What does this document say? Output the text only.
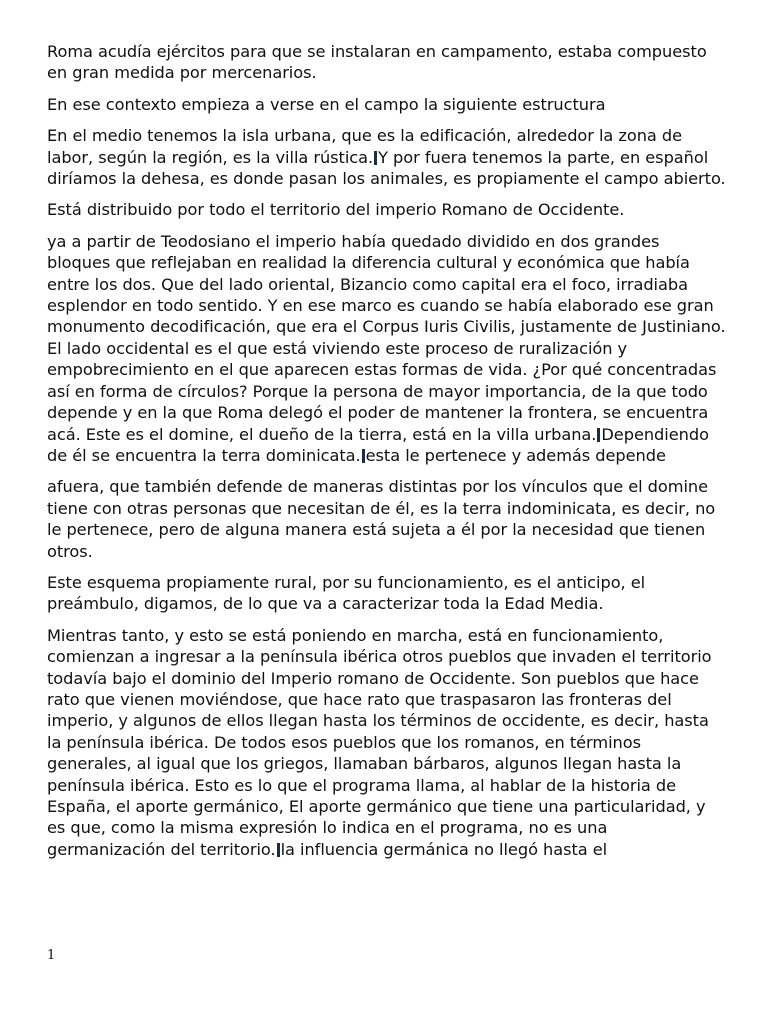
Roma acudía ejércitos para que se instalaran en campamento, estaba compuesto en gran medida por mercenarios.

En ese contexto empieza a verse en el campo la siguiente estructura

En el medio tenemos la isla urbana, que es la edificación, alrededor la zona de labor, según la región, es la villa rústica. Y por fuera tenemos la parte, en español diríamos la dehesa, es donde pasan los animales, es propiamente el campo abierto.

Está distribuido por todo el territorio del imperio Romano de Occidente.

ya a partir de Teodosiano el imperio había quedado dividido en dos grandes bloques que reflejaban en realidad la diferencia cultural y económica que había entre los dos. Que del lado oriental, Bizancio como capital era el foco, irradiaba esplendor en todo sentido. Y en ese marco es cuando se había elaborado ese gran monumento decodificación, que era el Corpus Iuris Civilis, justamente de Justiniano. El lado occidental es el que está viviendo este proceso de ruralización y empobrecimiento en el que aparecen estas formas de vida. ¿Por qué concentradas así en forma de círculos? Porque la persona de mayor importancia, de la que todo depende y en la que Roma delegó el poder de mantener la frontera, se encuentra acá. Este es el domine, el dueño de la tierra, está en la villa urbana. Dependiendo de él se encuentra la terra dominicata. esta le pertenece y además depende

afuera, que también defende de maneras distintas por los vínculos que el domine tiene con otras personas que necesitan de él, es la terra indominicata, es decir, no le pertenece, pero de alguna manera está sujeta a él por la necesidad que tienen otros.

Este esquema propiamente rural, por su funcionamiento, es el anticipo, el preámbulo, digamos, de lo que va a caracterizar toda la Edad Media.

Mientras tanto, y esto se está poniendo en marcha, está en funcionamiento, comienzan a ingresar a la península ibérica otros pueblos que invaden el territorio todavía bajo el dominio del Imperio romano de Occidente. Son pueblos que hace rato que vienen moviéndose, que hace rato que traspasaron las fronteras del imperio, y algunos de ellos llegan hasta los términos de occidente, es decir, hasta la península ibérica. De todos esos pueblos que los romanos, en términos generales, al igual que los griegos, llamaban bárbaros, algunos llegan hasta la península ibérica. Esto es lo que el programa llama, al hablar de la historia de España, el aporte germánico, El aporte germánico que tiene una particularidad, y es que, como la misma expresión lo indica en el programa, no es una germanización del territorio. la influencia germánica no llegó hasta el

1
